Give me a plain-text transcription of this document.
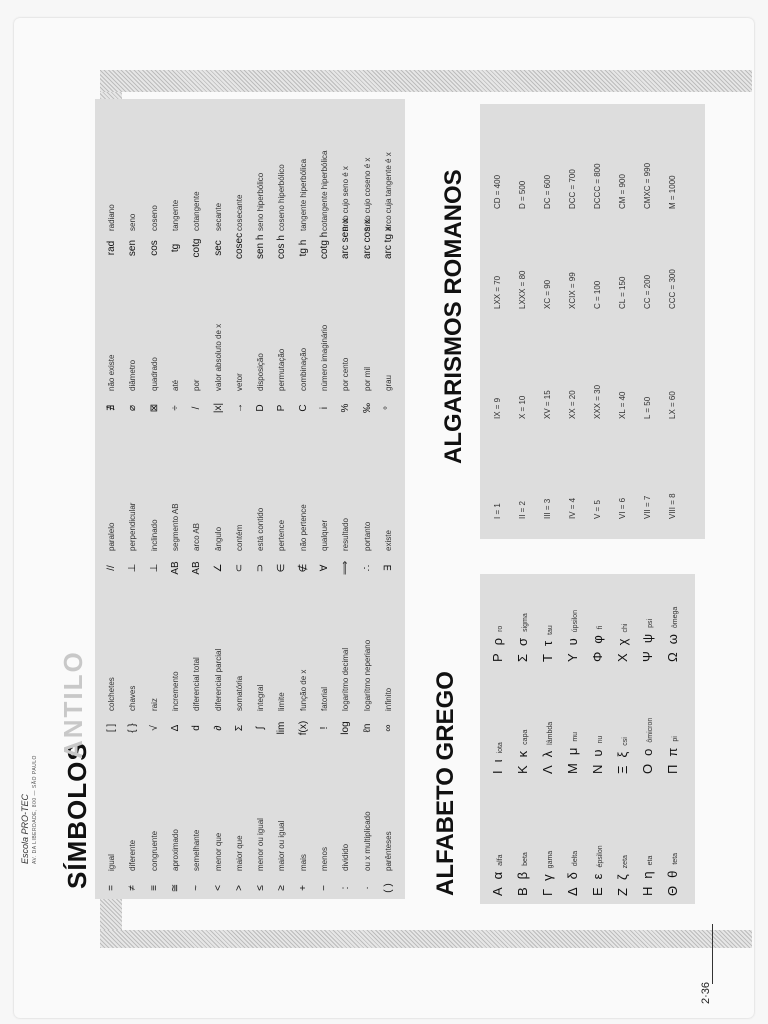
Escola PRO-TEC AV. DA LIBERDADE, 800 — SÃO PAULO SÍMBOLOS
ANTILO	ALFABETO GREGO
ALGARISMOS ROMANOS
2·36
=igual
≠diferente
≡congruente
≅aproximado
~semelhante
<menor que
>maior que
≤menor ou igual
≥maior ou igual
+mais
−menos
:dividido
·ou x multiplicado
( )parênteses
[ ]colchetes
{ }chaves
√raiz
Δincremento
ddiferencial total
∂diferencial parcial
Σsomatória
∫integral
limlimite
f(x)função de x
!fatorial
loglogarítmo decimal
ℓnlogarítmo neperiano
∞infinito
//paralelo
⊥perpendicular
⊥inclinado
ABsegmento AB
ABarco AB
∠ângulo
⊂contém
⊃está contido
∈pertence
∉não pertence
∀qualquer
⟹resultado
∴portanto
∃existe
∄não existe
⌀diâmetro
⊠quadrado
÷até
/por
|x|valor absoluto de x
→vetor
Ddisposição
Ppermutação
Ccombinação
inúmero imaginário
%por cento
‰por mil
°grau
radradiano
senseno
coscoseno
tgtangente
cotgcotangente
secsecante
coseccosecante
sen hseno hiperbólico
cos hcoseno hiperbólico
tg htangente hiperbólica
cotg hcotangente hiperbólica
arc sen xarco cujo seno é x
arc cos xarco cujo coseno é x
arc tg xarco cuja tangente é x
Ααalfa
Ββbeta
Γγgama
Δδdelta
Εεépsilon
Ζζzeta
Ηηeta
Θθteta
Ιιiota
Κκcapa
Λλlâmbda
Μμmu
Νυnu
Ξξcsi
Οοômicron
Ππpi
Ρρro
Σσsigma
Ττtau
Υυúpsilon
Φφfi
Χχchi
Ψψpsi
Ωωômega
I = 1 II = 2 III = 3 IV = 4 V = 5 VI = 6 VII = 7 VIII = 8
IX = 9 X = 10 XV = 15 XX = 20 XXX = 30 XL = 40 L = 50 LX = 60
LXX = 70 LXXX = 80 XC = 90 XCIX = 99 C = 100 CL = 150 CC = 200 CCC = 300
CD = 400 D = 500 DC = 600 DCC = 700 DCCC = 800 CM = 900 CMXC = 990 M = 1000
